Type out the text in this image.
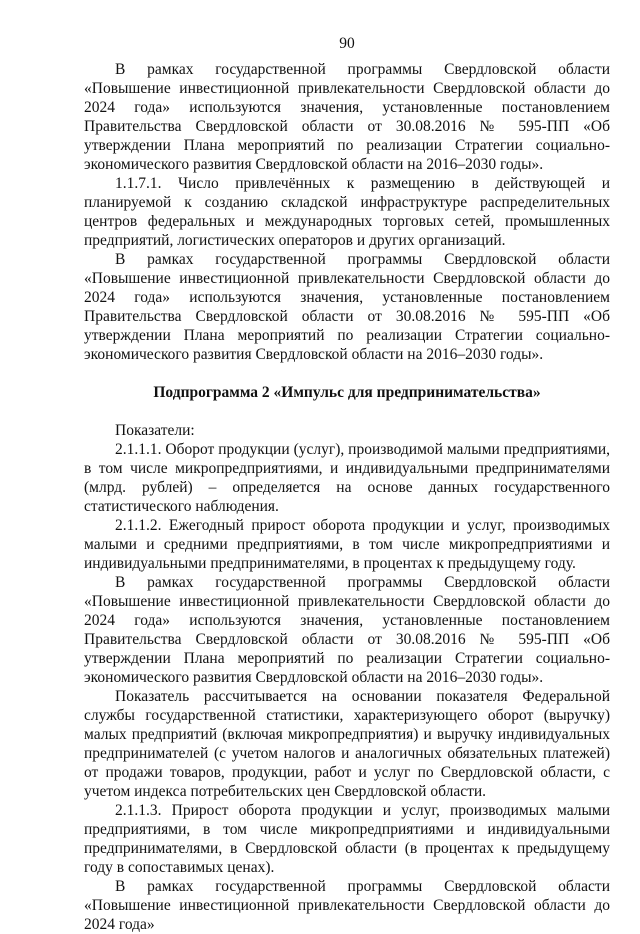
90

В рамках государственной программы Свердловской области «Повышение инвестиционной привлекательности Свердловской области до 2024 года» используются значения, установленные постановлением Правительства Свердловской области от 30.08.2016 № 595-ПП «Об утверждении Плана мероприятий по реализации Стратегии социально-экономического развития Свердловской области на 2016–2030 годы».

1.1.7.1. Число привлечённых к размещению в действующей и планируемой к созданию складской инфраструктуре распределительных центров федеральных и международных торговых сетей, промышленных предприятий, логистических операторов и других организаций.

В рамках государственной программы Свердловской области «Повышение инвестиционной привлекательности Свердловской области до 2024 года» используются значения, установленные постановлением Правительства Свердловской области от 30.08.2016 № 595-ПП «Об утверждении Плана мероприятий по реализации Стратегии социально-экономического развития Свердловской области на 2016–2030 годы».

Подпрограмма 2 «Импульс для предпринимательства»

Показатели:

2.1.1.1. Оборот продукции (услуг), производимой малыми предприятиями, в том числе микропредприятиями, и индивидуальными предпринимателями (млрд. рублей) – определяется на основе данных государственного статистического наблюдения.

2.1.1.2. Ежегодный прирост оборота продукции и услуг, производимых малыми и средними предприятиями, в том числе микропредприятиями и индивидуальными предпринимателями, в процентах к предыдущему году.

В рамках государственной программы Свердловской области «Повышение инвестиционной привлекательности Свердловской области до 2024 года» используются значения, установленные постановлением Правительства Свердловской области от 30.08.2016 № 595-ПП «Об утверждении Плана мероприятий по реализации Стратегии социально-экономического развития Свердловской области на 2016–2030 годы».

Показатель рассчитывается на основании показателя Федеральной службы государственной статистики, характеризующего оборот (выручку) малых предприятий (включая микропредприятия) и выручку индивидуальных предпринимателей (с учетом налогов и аналогичных обязательных платежей) от продажи товаров, продукции, работ и услуг по Свердловской области, с учетом индекса потребительских цен Свердловской области.

2.1.1.3. Прирост оборота продукции и услуг, производимых малыми предприятиями, в том числе микропредприятиями и индивидуальными предпринимателями, в Свердловской области (в процентах к предыдущему году в сопоставимых ценах).

В рамках государственной программы Свердловской области «Повышение инвестиционной привлекательности Свердловской области до 2024 года»
